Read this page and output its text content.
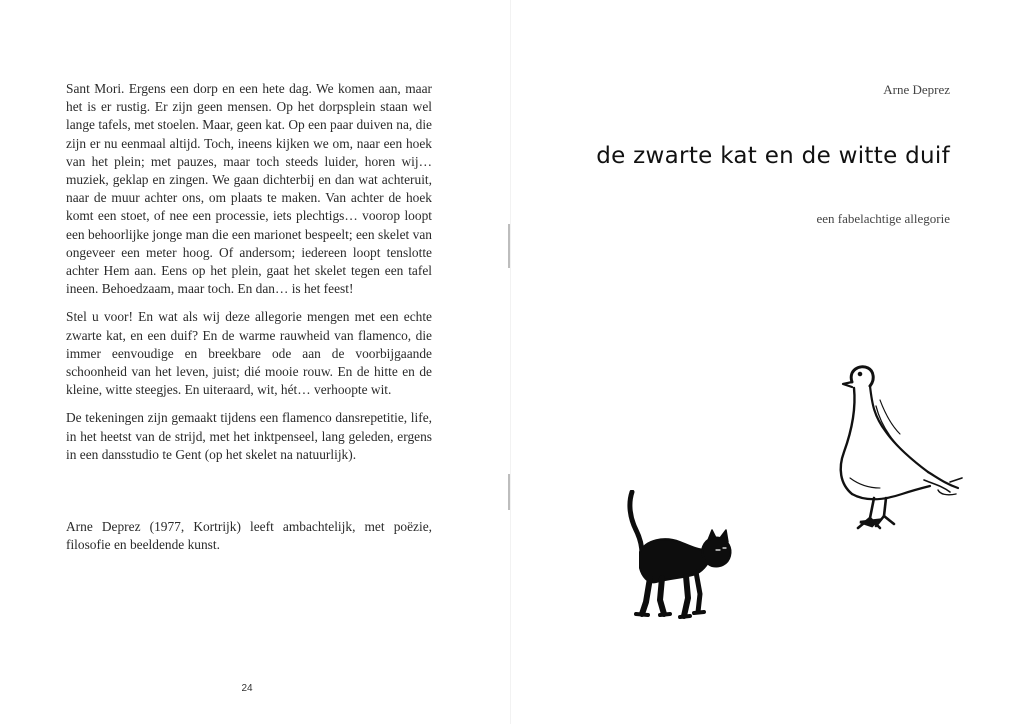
Sant Mori. Ergens een dorp en een hete dag. We komen aan, maar het is er rustig. Er zijn geen mensen. Op het dorpsplein staan wel lange tafels, met stoelen. Maar, geen kat. Op een paar duiven na, die zijn er nu eenmaal altijd. Toch, ineens kijken we om, naar een hoek van het plein; met pauzes, maar toch steeds luider, horen wij… muziek, geklap en zingen. We gaan dichterbij en dan wat achteruit, naar de muur achter ons, om plaats te maken. Van achter de hoek komt een stoet, of nee een processie, iets plechtigs… voorop loopt een behoorlijke jonge man die een marionet bespeelt; een skelet van ongeveer een meter hoog. Of andersom; iedereen loopt tenslotte achter Hem aan. Eens op het plein, gaat het skelet tegen een tafel ineen. Behoedzaam, maar toch. En dan… is het feest!

Stel u voor! En wat als wij deze allegorie mengen met een echte zwarte kat, en een duif? En de warme rauwheid van flamenco, die immer eenvoudige en breekbare ode aan de voorbijgaande schoonheid van het leven, juist; dié mooie rouw. En de hitte en de kleine, witte steegjes. En uiteraard, wit, hét… verhoopte wit.

De tekeningen zijn gemaakt tijdens een flamenco dansrepetitie, life, in het heetst van de strijd, met het inktpenseel, lang geleden, ergens in een dansstudio te Gent (op het skelet na natuurlijk).

Arne Deprez (1977, Kortrijk) leeft ambachtelijk, met poëzie, filosofie en beeldende kunst.

24
Arne Deprez
de zwarte kat en de witte duif
een fabelachtige allegorie
